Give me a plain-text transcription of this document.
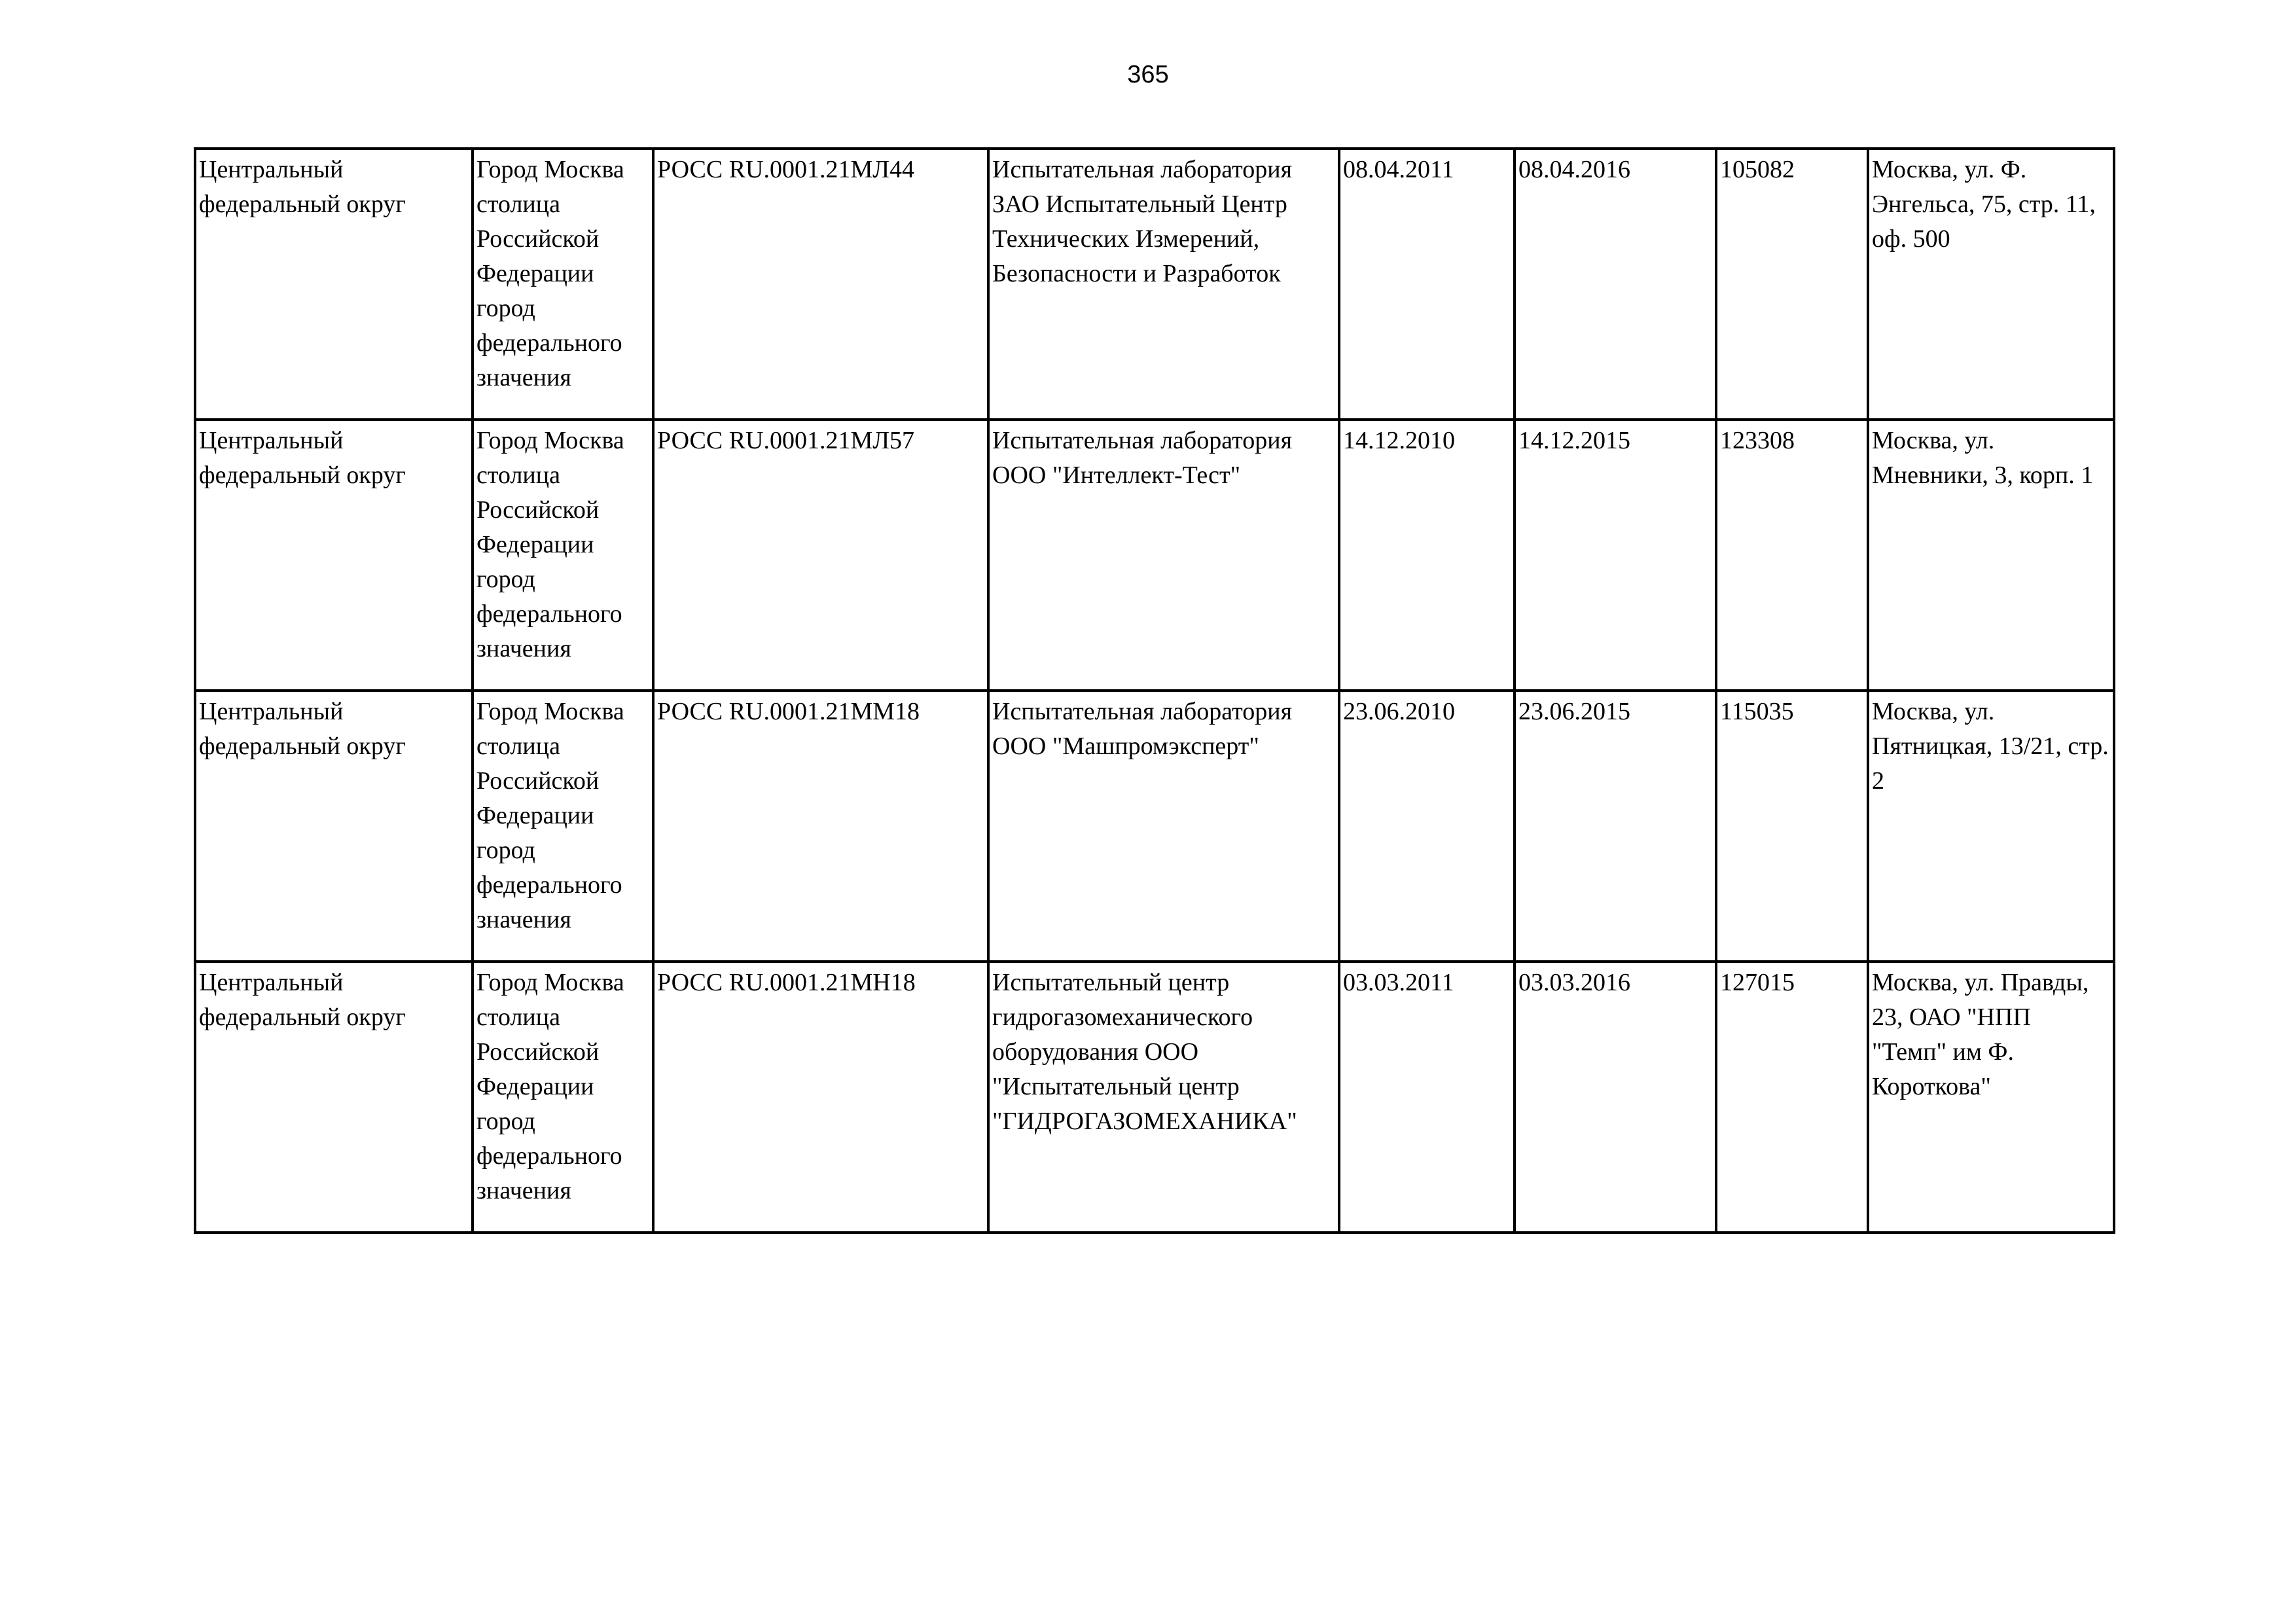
365
Центральный федеральный округ	Город Москва столица Российской Федерации город федерального значения	РОСС RU.0001.21МЛ44	Испытательная лаборатория ЗАО Испытательный Центр Технических Измерений, Безопасности и Разработок	08.04.2011	08.04.2016	105082	Москва, ул. Ф. Энгельса, 75, стр. 11, оф. 500

Центральный федеральный округ	Город Москва столица Российской Федерации город федерального значения	РОСС RU.0001.21МЛ57	Испытательная лаборатория ООО "Интеллект-Тест"	14.12.2010	14.12.2015	123308	Москва, ул. Мневники, 3, корп. 1

Центральный федеральный округ	Город Москва столица Российской Федерации город федерального значения	РОСС RU.0001.21ММ18	Испытательная лаборатория ООО "Машпромэксперт"	23.06.2010	23.06.2015	115035	Москва, ул. Пятницкая, 13/21, стр. 2

Центральный федеральный округ	Город Москва столица Российской Федерации город федерального значения	РОСС RU.0001.21МН18	Испытательный центр гидрогазомеханического оборудования ООО "Испытательный центр "ГИДРОГАЗОМЕХАНИКА"	03.03.2011	03.03.2016	127015	Москва, ул. Правды, 23, ОАО "НПП "Темп" им Ф. Короткова"
